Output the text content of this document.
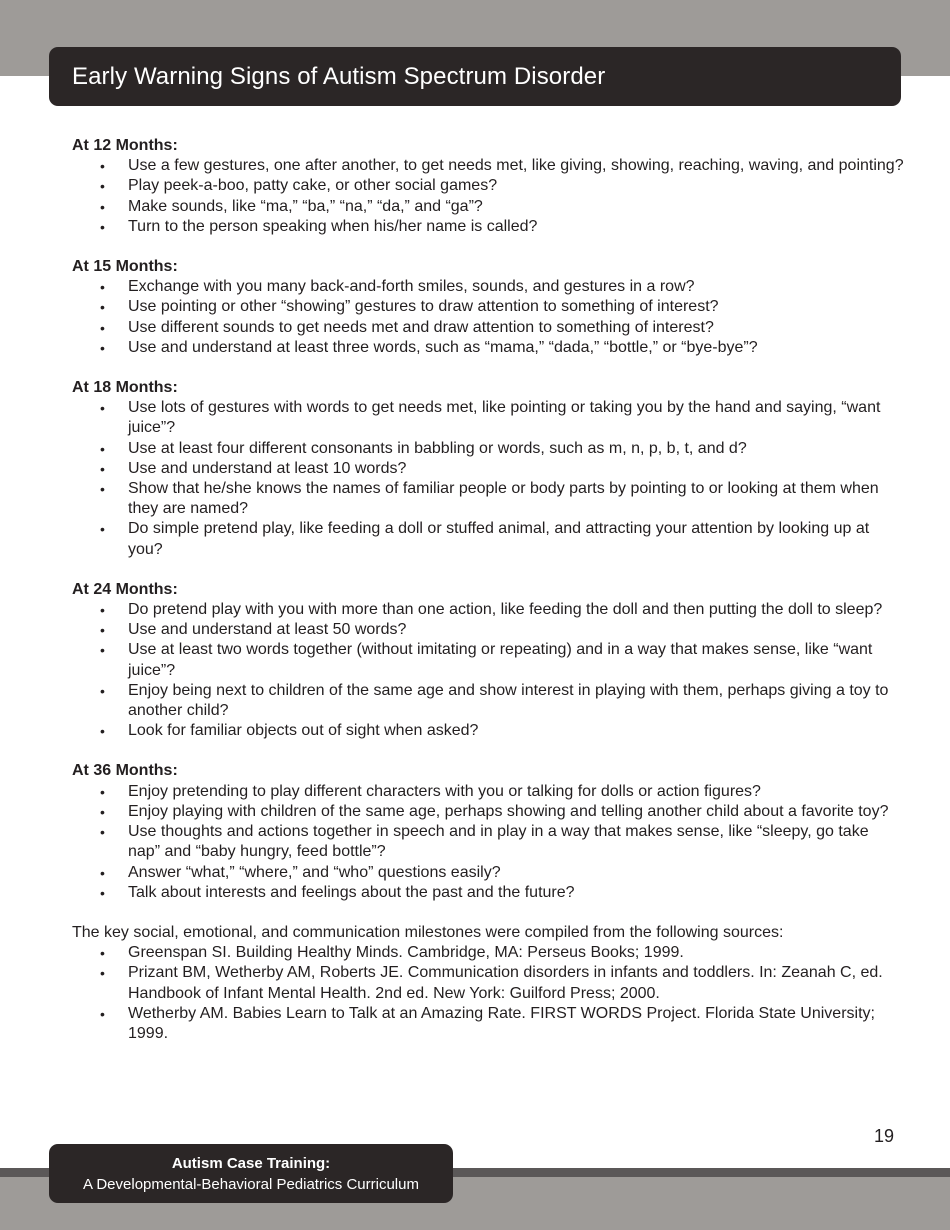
Early Warning Signs of Autism Spectrum Disorder
At 12 Months:
• Use a few gestures, one after another, to get needs met, like giving, showing, reaching, waving, and pointing?
• Play peek-a-boo, patty cake, or other social games?
• Make sounds, like “ma,” “ba,” “na,” “da,” and “ga”?
• Turn to the person speaking when his/her name is called?
At 15 Months:
• Exchange with you many back-and-forth smiles, sounds, and gestures in a row?
• Use pointing or other “showing” gestures to draw attention to something of interest?
• Use different sounds to get needs met and draw attention to something of interest?
• Use and understand at least three words, such as “mama,” “dada,” “bottle,” or “bye-bye”?
At 18 Months:
• Use lots of gestures with words to get needs met, like pointing or taking you by the hand and saying, “want juice”?
• Use at least four different consonants in babbling or words, such as m, n, p, b, t, and d?
• Use and understand at least 10 words?
• Show that he/she knows the names of familiar people or body parts by pointing to or looking at them when they are named?
• Do simple pretend play, like feeding a doll or stuffed animal, and attracting your attention by looking up at you?
At 24 Months:
• Do pretend play with you with more than one action, like feeding the doll and then putting the doll to sleep?
• Use and understand at least 50 words?
• Use at least two words together (without imitating or repeating) and in a way that makes sense, like “want juice”?
• Enjoy being next to children of the same age and show interest in playing with them, perhaps giving a toy to another child?
• Look for familiar objects out of sight when asked?
At 36 Months:
• Enjoy pretending to play different characters with you or talking for dolls or action figures?
• Enjoy playing with children of the same age, perhaps showing and telling another child about a favorite toy?
• Use thoughts and actions together in speech and in play in a way that makes sense, like “sleepy, go take nap” and “baby hungry, feed bottle”?
• Answer “what,” “where,” and “who” questions easily?
• Talk about interests and feelings about the past and the future?
The key social, emotional, and communication milestones were compiled from the following sources:
• Greenspan SI. Building Healthy Minds. Cambridge, MA: Perseus Books; 1999.
• Prizant BM, Wetherby AM, Roberts JE. Communication disorders in infants and toddlers. In: Zeanah C, ed. Handbook of Infant Mental Health. 2nd ed. New York: Guilford Press; 2000.
• Wetherby AM. Babies Learn to Talk at an Amazing Rate. FIRST WORDS Project. Florida State University; 1999.
19
Autism Case Training:
A Developmental-Behavioral Pediatrics Curriculum
